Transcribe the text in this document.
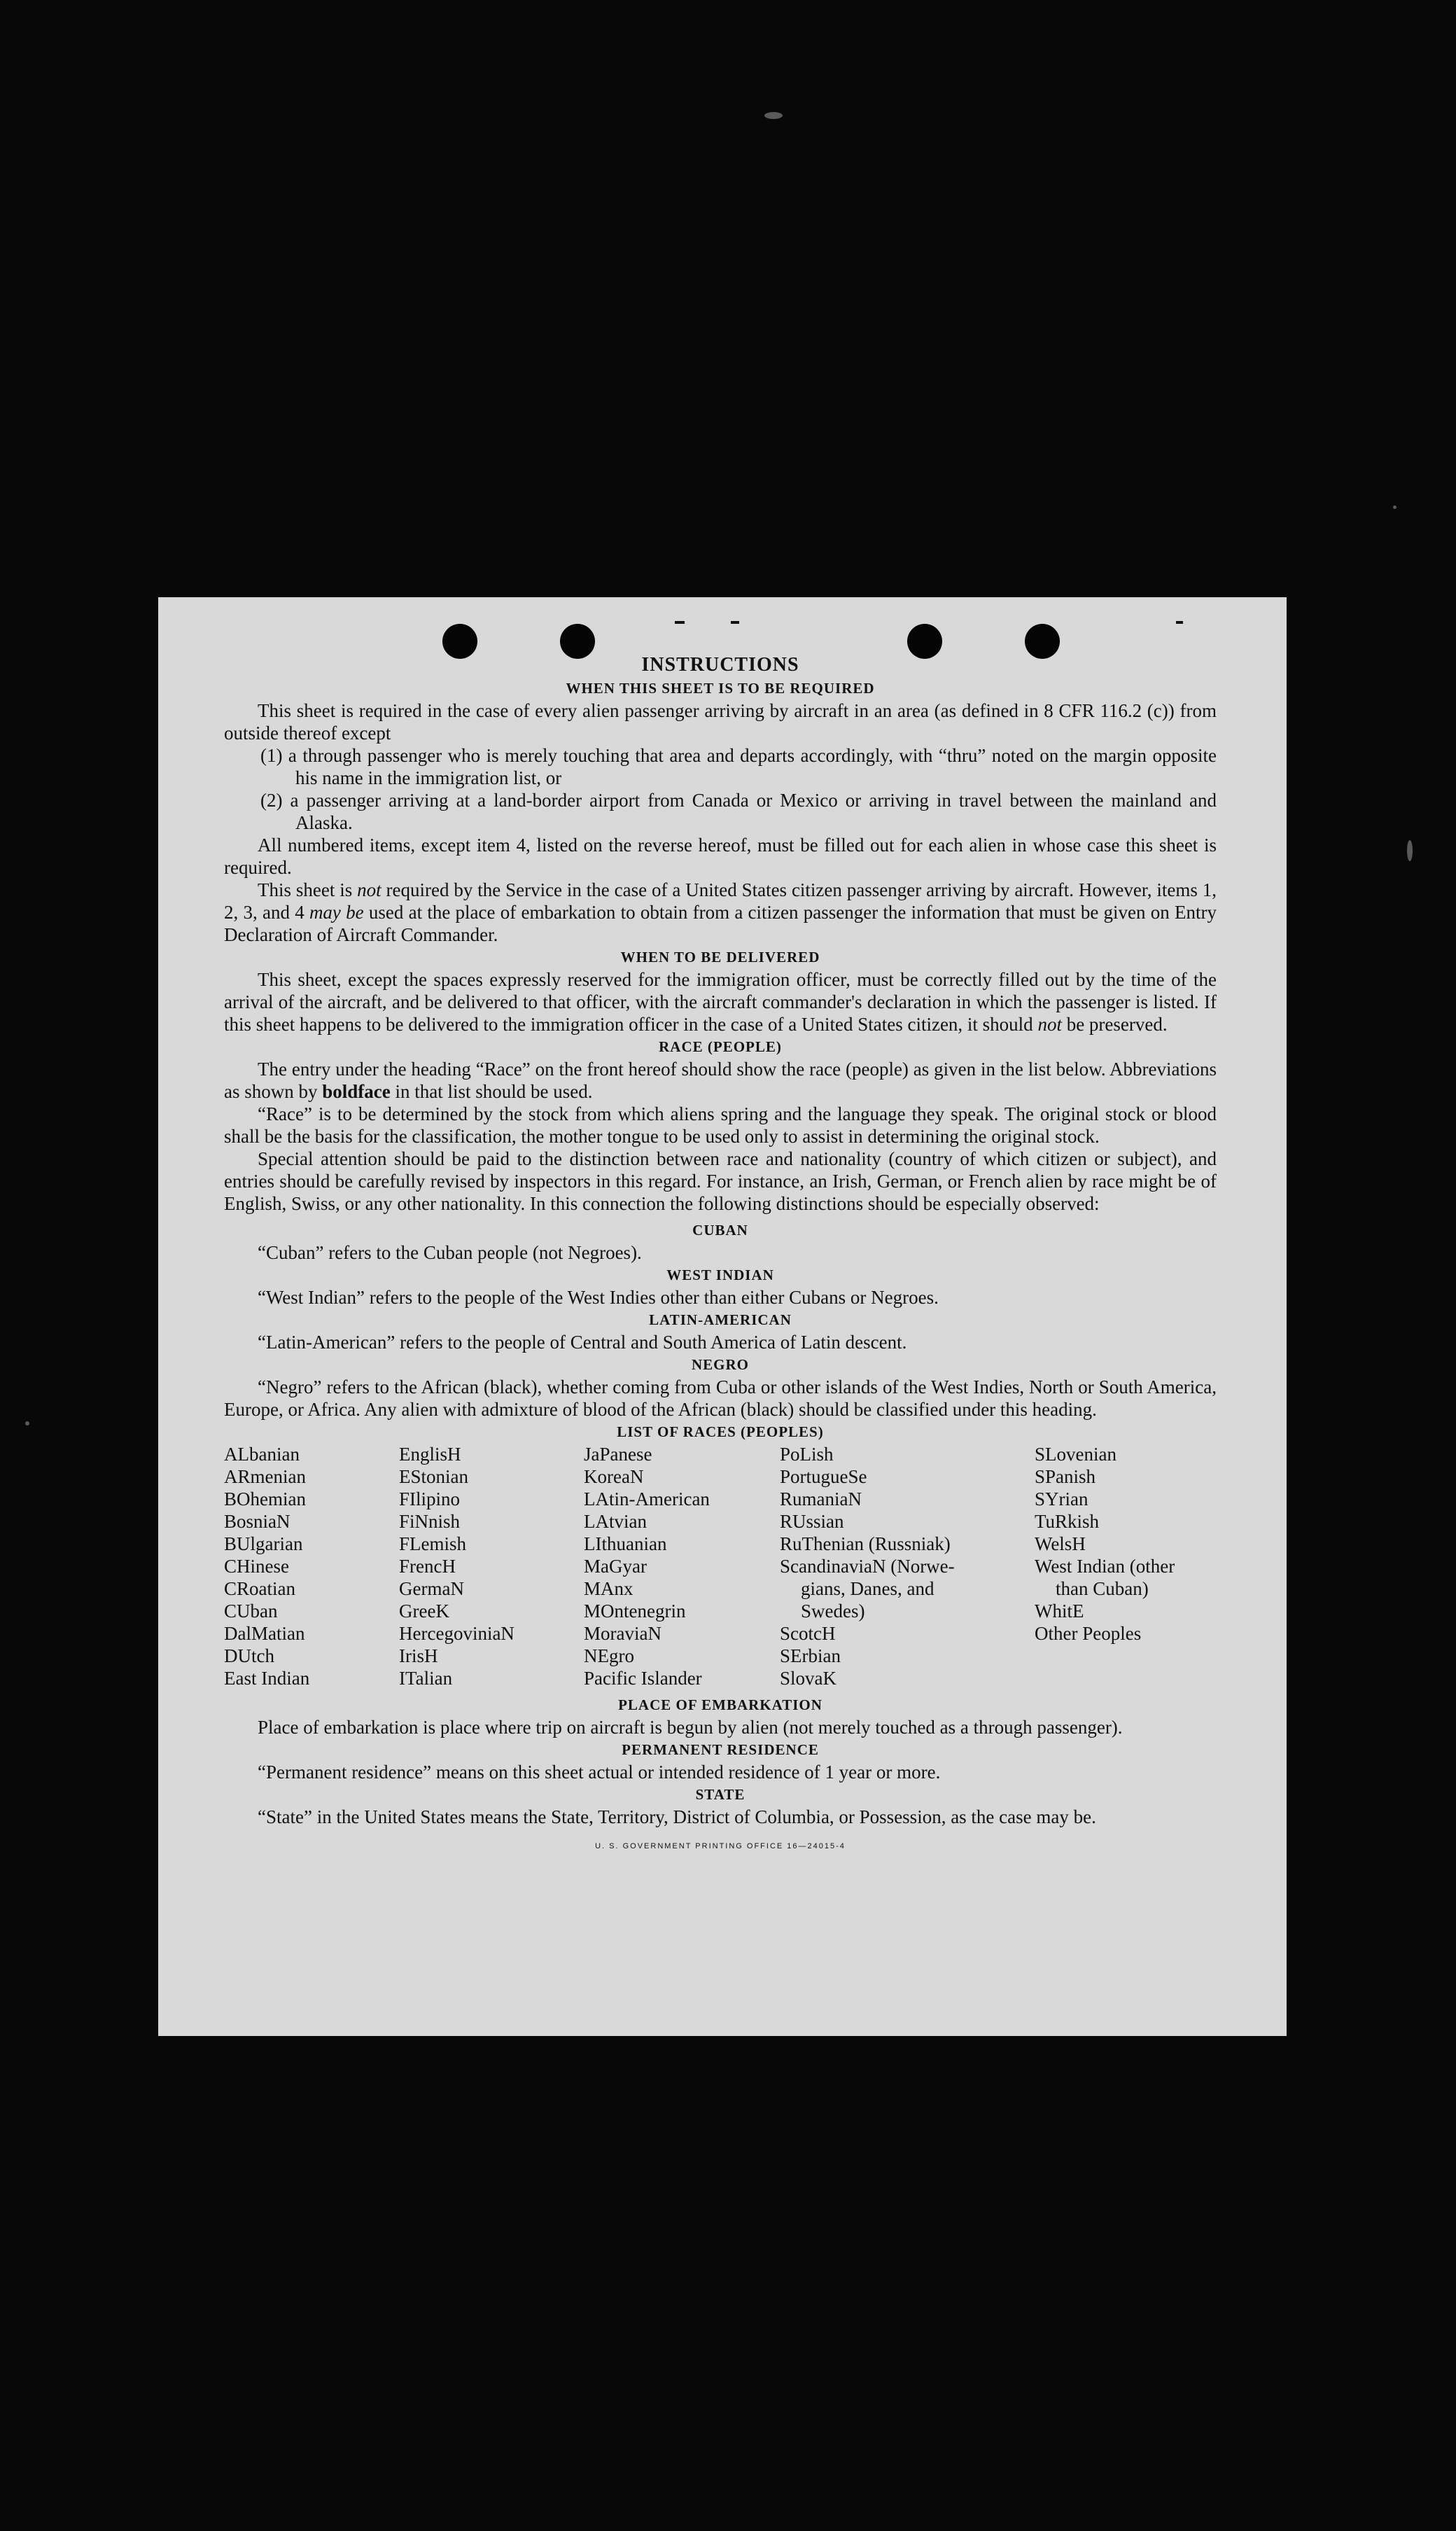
INSTRUCTIONS

WHEN THIS SHEET IS TO BE REQUIRED

This sheet is required in the case of every alien passenger arriving by aircraft in an area (as defined in 8 CFR 116.2 (c)) from outside thereof except

(1) a through passenger who is merely touching that area and departs accordingly, with “thru” noted on the margin opposite his name in the immigration list, or

(2) a passenger arriving at a land-border airport from Canada or Mexico or arriving in travel between the mainland and Alaska.

All numbered items, except item 4, listed on the reverse hereof, must be filled out for each alien in whose case this sheet is required.

This sheet is not required by the Service in the case of a United States citizen passenger arriving by aircraft. However, items 1, 2, 3, and 4 may be used at the place of embarkation to obtain from a citizen passenger the information that must be given on Entry Declaration of Aircraft Commander.

WHEN TO BE DELIVERED

This sheet, except the spaces expressly reserved for the immigration officer, must be correctly filled out by the time of the arrival of the aircraft, and be delivered to that officer, with the aircraft commander's declaration in which the passenger is listed. If this sheet happens to be delivered to the immigration officer in the case of a United States citizen, it should not be preserved.

RACE (PEOPLE)

The entry under the heading “Race” on the front hereof should show the race (people) as given in the list below. Abbreviations as shown by boldface in that list should be used.

“Race” is to be determined by the stock from which aliens spring and the language they speak. The original stock or blood shall be the basis for the classification, the mother tongue to be used only to assist in determining the original stock.

Special attention should be paid to the distinction between race and nationality (country of which citizen or subject), and entries should be carefully revised by inspectors in this regard. For instance, an Irish, German, or French alien by race might be of English, Swiss, or any other nationality. In this connection the following distinctions should be especially observed:

CUBAN

“Cuban” refers to the Cuban people (not Negroes).

WEST INDIAN

“West Indian” refers to the people of the West Indies other than either Cubans or Negroes.

LATIN-AMERICAN

“Latin-American” refers to the people of Central and South America of Latin descent.

NEGRO

“Negro” refers to the African (black), whether coming from Cuba or other islands of the West Indies, North or South America, Europe, or Africa. Any alien with admixture of blood of the African (black) should be classified under this heading.

LIST OF RACES (PEOPLES)

ALbanian
ARmenian
BOhemian
BosniaN
BUlgarian
CHinese
CRoatian
CUban
DalMatian
DUtch
East Indian
EnglisH
EStonian
FIlipino
FiNnish
FLemish
FrencH
GermaN
GreeK
HercegoviniaN
IrisH
ITalian
JaPanese
KoreaN
LAtin-American
LAtvian
LIthuanian
MaGyar
MAnx
MOntenegrin
MoraviaN
NEgro
Pacific Islander
PoLish
PortugueSe
RumaniaN
RUssian
RuThenian (Russniak)
ScandinaviaN (Norwe-
gians, Danes, and
Swedes)
ScotcH
SErbian
SlovaK
SLovenian
SPanish
SYrian
TuRkish
WelsH
West Indian (other
than Cuban)
WhitE
Other Peoples

PLACE OF EMBARKATION

Place of embarkation is place where trip on aircraft is begun by alien (not merely touched as a through passenger).

PERMANENT RESIDENCE

“Permanent residence” means on this sheet actual or intended residence of 1 year or more.

STATE

“State” in the United States means the State, Territory, District of Columbia, or Possession, as the case may be.

U. S. GOVERNMENT PRINTING OFFICE 16—24015-4
